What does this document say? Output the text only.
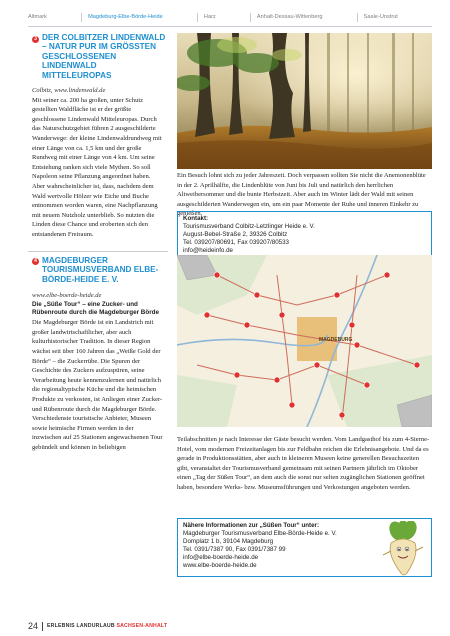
Altmark	Magdeburg-Elbe-Börde-Heide	Harz	Anhalt-Dessau-Wittenberg	Saale-Unstrut
3 DER COLBITZER LINDENWALD – NATUR PUR IM GRÖSSTEN GESCHLOSSENEN LINDENWALD MITTELEUROPAS
Colbitz, www.lindenwald.de
Mit seiner ca. 200 ha großen, unter Schutz gestellten Waldfläche ist er der größte geschlossene Lindenwald Mitteleuropas. Durch das Naturschutzgebiet führen 2 ausgeschilderte Wanderwege: der kleine Lindenwaldrundweg mit einer Länge von ca. 1,5 km und der große Rundweg mit einer Länge von 4 km. Um seine Entstehung ranken sich viele Mythen. So soll Napoleon seine Pflanzung angeordnet haben. Aber wahrscheinlicher ist, dass, nachdem dem Wald wertvolle Hölzer wie Eiche und Buche entnommen worden waren, eine Nachpflanzung mit neuem Nutzholz unterblieb. So nutzten die Linden diese Chance und eroberten sich den entstandenen Freiraum.
Ein Besuch lohnt sich zu jeder Jahreszeit. Doch verpassen sollten Sie nicht die Anemonenblüte in der 2. Aprilhälfte, die Lindenblüte von Juni bis Juli und natürlich den herrlichen Altweibersommer und die bunte Herbstzeit. Aber auch im Winter lädt der Wald mit seinen ausgeschilderten Wanderwegen ein, um ein paar Momente der Ruhe und inneren Einkehr zu genießen.
Kontakt:
Tourismusverband Colbitz-Letzlinger Heide e. V.
August-Bebel-Straße 2, 39326 Colbitz
Tel. 039207/80691, Fax 039207/80533
info@heideinfo.de
4 MAGDEBURGER TOURISMUSVERBAND ELBE-BÖRDE-HEIDE E. V.
www.elbe-boerde-heide.de
Die „Süße Tour“ – eine Zucker- und Rübenroute durch die Magdeburger Börde
Die Magdeburger Börde ist ein Landstrich mit großer landwirtschaftlicher, aber auch kulturhistorischer Tradition. In dieser Region wächst seit über 160 Jahren das „Weiße Gold der Börde“ – die Zuckerrübe. Die Spuren der Geschichte des Zuckers aufzuspüren, seine Verarbeitung heute kennenzulernen und natürlich die regionaltypische Küche und die heimischen Produkte zu verkosten, ist Anliegen einer Zucker- und Rübenroute durch die Magdeburger Börde. Verschiedenste touristische Anbieter, Museen sowie heimische Firmen werden in der inzwischen auf 25 Stationen angewachsenen Tour gebündelt und können in beliebigen
MAGDEBURG
Teilabschnitten je nach Interesse der Gäste besucht werden. Vom Landgasthof bis zum 4-Sterne-Hotel, vom modernen Freizeitanlagen bis zur Feldbahn reichen die Erlebnisangebote. Und da es gerade in Produktionsstätten, aber auch in kleineren Museen keine generellen Besuchszeiten gibt, veranstaltet der Tourismusverband gemeinsam mit seinen Partnern jährlich im Oktober einen „Tag der Süßen Tour“, an dem auch die sonst nur selten zugänglichen Stationen geöffnet haben, besondere Werks- bzw. Museumsführungen und Verkostungen angeboten werden.
Nähere Informationen zur „Süßen Tour“ unter:
Magdeburger Tourismusverband Elbe-Börde-Heide e. V.
Domplatz 1 b, 39104 Magdeburg
Tel. 0391/7387 90, Fax 0391/7387 99
info@elbe-boerde-heide.de
www.elbe-boerde-heide.de
24 ERLEBNIS LANDURLAUB SACHSEN-ANHALT
